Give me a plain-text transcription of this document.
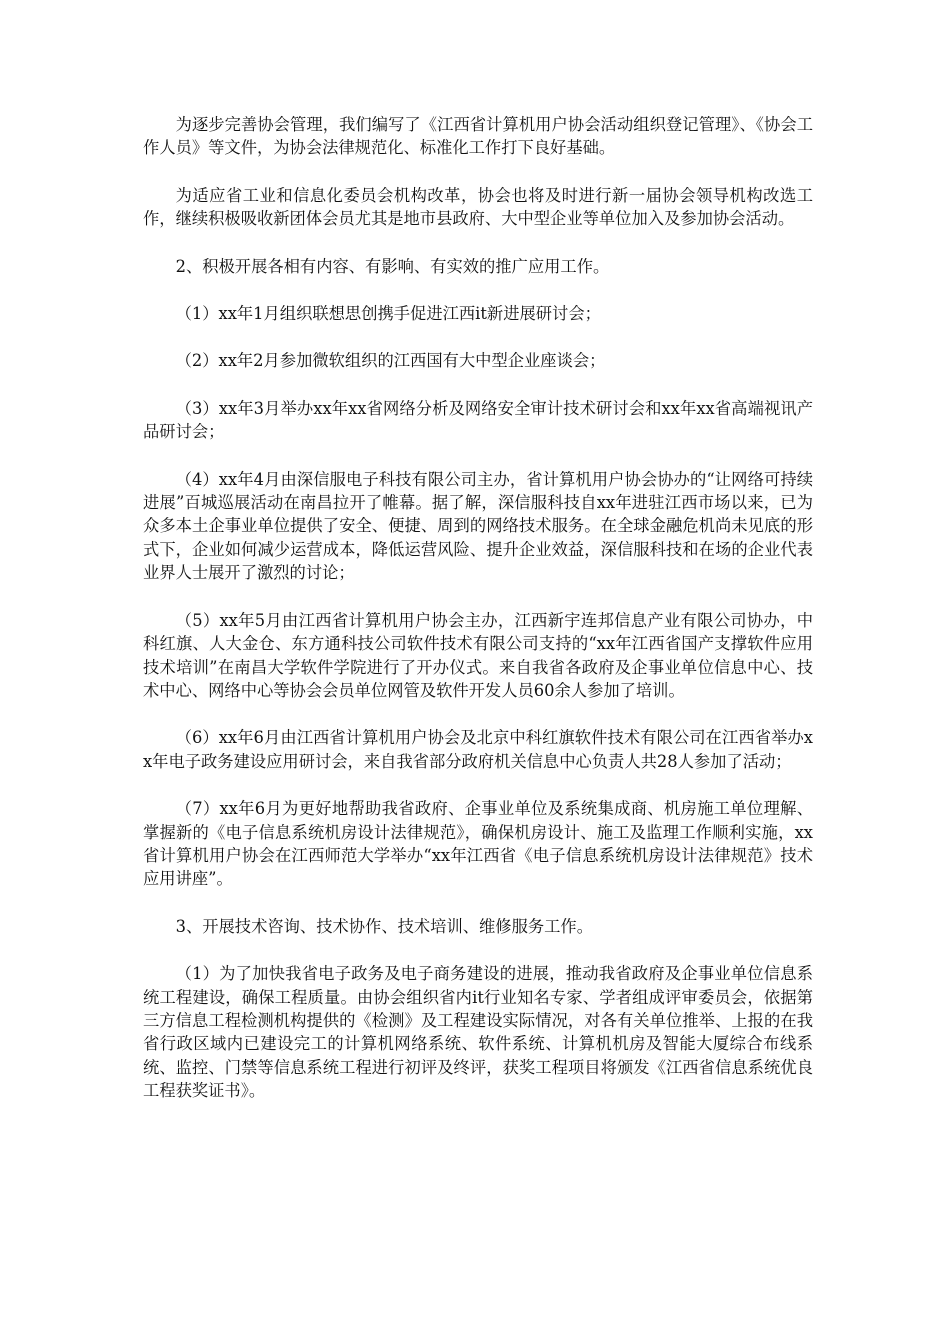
为逐步完善协会管理，我们编写了《江西省计算机用户协会活动组织登记管理》、《协会工作人员》等文件，为协会法律规范化、标准化工作打下良好基础。

为适应省工业和信息化委员会机构改革，协会也将及时进行新一届协会领导机构改选工作，继续积极吸收新团体会员尤其是地市县政府、大中型企业等单位加入及参加协会活动。

2、积极开展各相有内容、有影响、有实效的推广应用工作。

（1）xx年1月组织联想思创携手促进江西it新进展研讨会；

（2）xx年2月参加微软组织的江西国有大中型企业座谈会；

（3）xx年3月举办xx年xx省网络分析及网络安全审计技术研讨会和xx年xx省高端视讯产品研讨会；

（4）xx年4月由深信服电子科技有限公司主办，省计算机用户协会协办的“让网络可持续进展”百城巡展活动在南昌拉开了帷幕。据了解，深信服科技自xx年进驻江西市场以来，已为众多本土企事业单位提供了安全、便捷、周到的网络技术服务。在全球金融危机尚未见底的形式下，企业如何减少运营成本，降低运营风险、提升企业效益，深信服科技和在场的企业代表业界人士展开了激烈的讨论；

（5）xx年5月由江西省计算机用户协会主办，江西新宇连邦信息产业有限公司协办，中科红旗、人大金仓、东方通科技公司软件技术有限公司支持的“xx年江西省国产支撑软件应用技术培训”在南昌大学软件学院进行了开办仪式。来自我省各政府及企事业单位信息中心、技术中心、网络中心等协会会员单位网管及软件开发人员60余人参加了培训。

（6）xx年6月由江西省计算机用户协会及北京中科红旗软件技术有限公司在江西省举办xx年电子政务建设应用研讨会，来自我省部分政府机关信息中心负责人共28人参加了活动；

（7）xx年6月为更好地帮助我省政府、企事业单位及系统集成商、机房施工单位理解、掌握新的《电子信息系统机房设计法律规范》，确保机房设计、施工及监理工作顺利实施，xx省计算机用户协会在江西师范大学举办“xx年江西省《电子信息系统机房设计法律规范》技术应用讲座”。

3、开展技术咨询、技术协作、技术培训、维修服务工作。

（1）为了加快我省电子政务及电子商务建设的进展，推动我省政府及企事业单位信息系统工程建设，确保工程质量。由协会组织省内it行业知名专家、学者组成评审委员会，依据第三方信息工程检测机构提供的《检测》及工程建设实际情况，对各有关单位推举、上报的在我省行政区域内已建设完工的计算机网络系统、软件系统、计算机机房及智能大厦综合布线系统、监控、门禁等信息系统工程进行初评及终评，获奖工程项目将颁发《江西省信息系统优良工程获奖证书》。
